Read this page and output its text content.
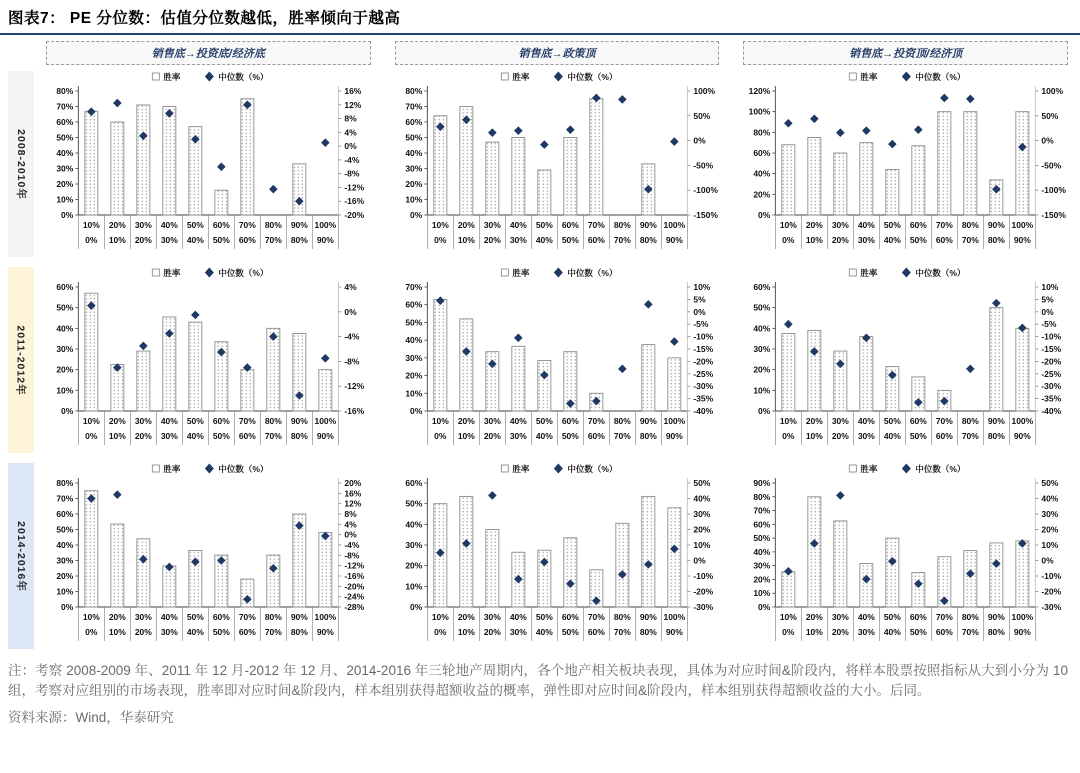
图表7： PE 分位数：估值分位数越低，胜率倾向于越高
销售底→投资底/经济底	销售底→政策顶	销售底→投资顶/经济顶
2008-2010年
胜率	中位数（%）
0%
10%
20%
30%
40%
50%
60%
70%
80%
-20%
-16%
-12%
-8%
-4%
0%
4%
8%
12%
16%
10%
0%
20%
10%
30%
20%
40%
30%
50%
40%
60%
50%
70%
60%
80%
70%
90%
80%
100%
90%
胜率	中位数（%）
0%
10%
20%
30%
40%
50%
60%
70%
80%
-150%
-100%
-50%
0%
50%
100%
10%
0%
20%
10%
30%
20%
40%
30%
50%
40%
60%
50%
70%
60%
80%
70%
90%
80%
100%
90%
胜率	中位数（%）
0%
20%
40%
60%
80%
100%
120%
-150%
-100%
-50%
0%
50%
100%
10%
0%
20%
10%
30%
20%
40%
30%
50%
40%
60%
50%
70%
60%
80%
70%
90%
80%
100%
90%
2011-2012年
胜率	中位数（%）
0%
10%
20%
30%
40%
50%
60%
-16%
-12%
-8%
-4%
0%
4%
10%
0%
20%
10%
30%
20%
40%
30%
50%
40%
60%
50%
70%
60%
80%
70%
90%
80%
100%
90%
胜率	中位数（%）
0%
10%
20%
30%
40%
50%
60%
70%
-40%
-35%
-30%
-25%
-20%
-15%
-10%
-5%
0%
5%
10%
10%
0%
20%
10%
30%
20%
40%
30%
50%
40%
60%
50%
70%
60%
80%
70%
90%
80%
100%
90%
胜率	中位数（%）
0%
10%
20%
30%
40%
50%
60%
-40%
-35%
-30%
-25%
-20%
-15%
-10%
-5%
0%
5%
10%
10%
0%
20%
10%
30%
20%
40%
30%
50%
40%
60%
50%
70%
60%
80%
70%
90%
80%
100%
90%
2014-2016年
胜率	中位数（%）
0%
10%
20%
30%
40%
50%
60%
70%
80%
-28%
-24%
-20%
-16%
-12%
-8%
-4%
0%
4%
8%
12%
16%
20%
10%
0%
20%
10%
30%
20%
40%
30%
50%
40%
60%
50%
70%
60%
80%
70%
90%
80%
100%
90%
胜率	中位数（%）
0%
10%
20%
30%
40%
50%
60%
-30%
-20%
-10%
0%
10%
20%
30%
40%
50%
10%
0%
20%
10%
30%
20%
40%
30%
50%
40%
60%
50%
70%
60%
80%
70%
90%
80%
100%
90%
胜率	中位数（%）
0%
10%
20%
30%
40%
50%
60%
70%
80%
90%
-30%
-20%
-10%
0%
10%
20%
30%
40%
50%
10%
0%
20%
10%
30%
20%
40%
30%
50%
40%
60%
50%
70%
60%
80%
70%
90%
80%
100%
90%
注：考察 2008-2009 年、2011 年 12 月-2012 年 12 月、2014-2016 年三轮地产周期内，各个地产相关板块表现，具体为对应时间&阶段内，将样本股票按照指标从大到小分为 10 组，考察对应组别的市场表现，胜率即对应时间&阶段内，样本组别获得超额收益的概率，弹性即对应时间&阶段内，样本组别获得超额收益的大小。后同。
资料来源：Wind，华泰研究
